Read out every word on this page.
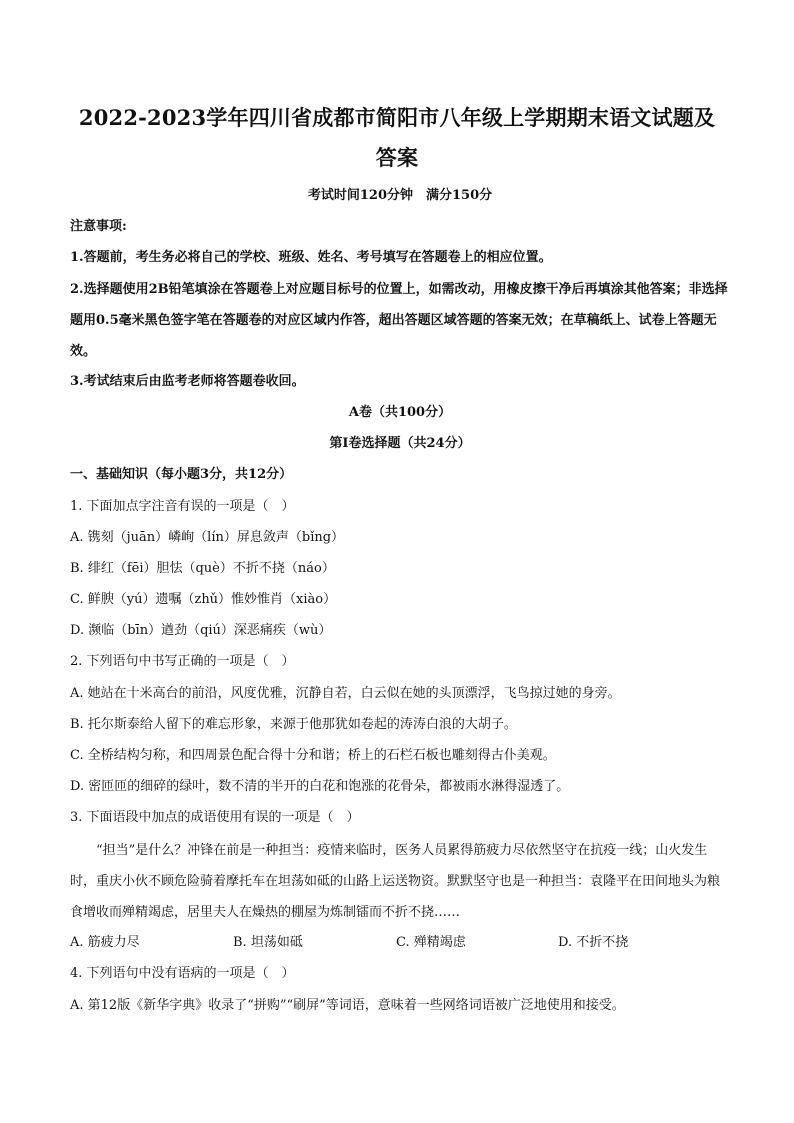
2022-2023学年四川省成都市简阳市八年级上学期期末语文试题及答案
考试时间120分钟　满分150分
注意事项:
1.答题前，考生务必将自己的学校、班级、姓名、考号填写在答题卷上的相应位置。
2.选择题使用2B铅笔填涂在答题卷上对应题目标号的位置上，如需改动，用橡皮擦干净后再填涂其他答案；非选择题用0.5毫米黑色签字笔在答题卷的对应区域内作答，超出答题区域答题的答案无效；在草稿纸上、试卷上答题无效。
3.考试结束后由监考老师将答题卷收回。
A卷（共100分）
第Ⅰ卷选择题（共24分）
一、基础知识（每小题3分，共12分）
1. 下面加点字注音有误的一项是（　）
A. 镌刻（juān）嶙峋（lín）屏息敛声（bǐng）
B. 绯红（fēi）胆怯（què）不折不挠（náo）
C. 鲜腴（yú）遗嘱（zhǔ）惟妙惟肖（xiào）
D. 濒临（bīn）遒劲（qiú）深恶痛疾（wù）
2. 下列语句中书写正确的一项是（　）
A. 她站在十米高台的前沿，风度优雅，沉静自若，白云似在她的头顶漂浮，飞鸟掠过她的身旁。
B. 托尔斯泰给人留下的难忘形象，来源于他那犹如卷起的涛涛白浪的大胡子。
C. 全桥结构匀称，和四周景色配合得十分和谐；桥上的石栏石板也雕刻得古仆美观。
D. 密匝匝的细碎的绿叶，数不清的半开的白花和饱涨的花骨朵，都被雨水淋得湿透了。
3. 下面语段中加点的成语使用有误的一项是（　）
“担当”是什么？冲锋在前是一种担当：疫情来临时，医务人员累得筋疲力尽依然坚守在抗疫一线；山火发生时，重庆小伙不顾危险骑着摩托车在坦荡如砥的山路上运送物资。默默坚守也是一种担当：袁隆平在田间地头为粮食增收而殚精竭虑，居里夫人在燥热的棚屋为炼制镭而不折不挠……
A. 筋疲力尽	B. 坦荡如砥	C. 殚精竭虑	D. 不折不挠
4. 下列语句中没有语病的一项是（　）
A. 第12版《新华字典》收录了“拼购”“刷屏”等词语，意味着一些网络词语被广泛地使用和接受。
